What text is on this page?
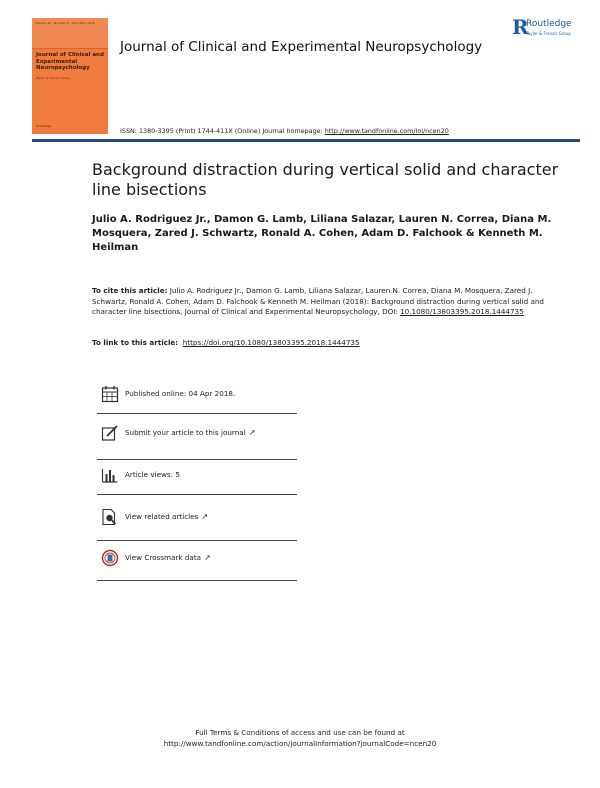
Volume 40 · Number 4 · April–May 2018
Journal of Clinical and Experimental Neuropsychology
Taylor & Francis Group
Routledge
Journal of Clinical and Experimental Neuropsychology
R
Routledge
Taylor & Francis Group
ISSN: 1380-3395 (Print) 1744-411X (Online) Journal homepage: http://www.tandfonline.com/loi/ncen20
Background distraction during vertical solid and character line bisections
Julio A. Rodriguez Jr., Damon G. Lamb, Liliana Salazar, Lauren N. Correa, Diana M. Mosquera, Zared J. Schwartz, Ronald A. Cohen, Adam D. Falchook & Kenneth M. Heilman
To cite this article: Julio A. Rodriguez Jr., Damon G. Lamb, Liliana Salazar, Lauren N. Correa, Diana M. Mosquera, Zared J. Schwartz, Ronald A. Cohen, Adam D. Falchook & Kenneth M. Heilman (2018): Background distraction during vertical solid and character line bisections, Journal of Clinical and Experimental Neuropsychology, DOI: 10.1080/13803395.2018.1444735
To link to this article: https://doi.org/10.1080/13803395.2018.1444735
Published online: 04 Apr 2018.
Submit your article to this journal ↗
Article views: 5
View related articles ↗
View Crossmark data ↗
Full Terms & Conditions of access and use can be found at
http://www.tandfonline.com/action/journalInformation?journalCode=ncen20
